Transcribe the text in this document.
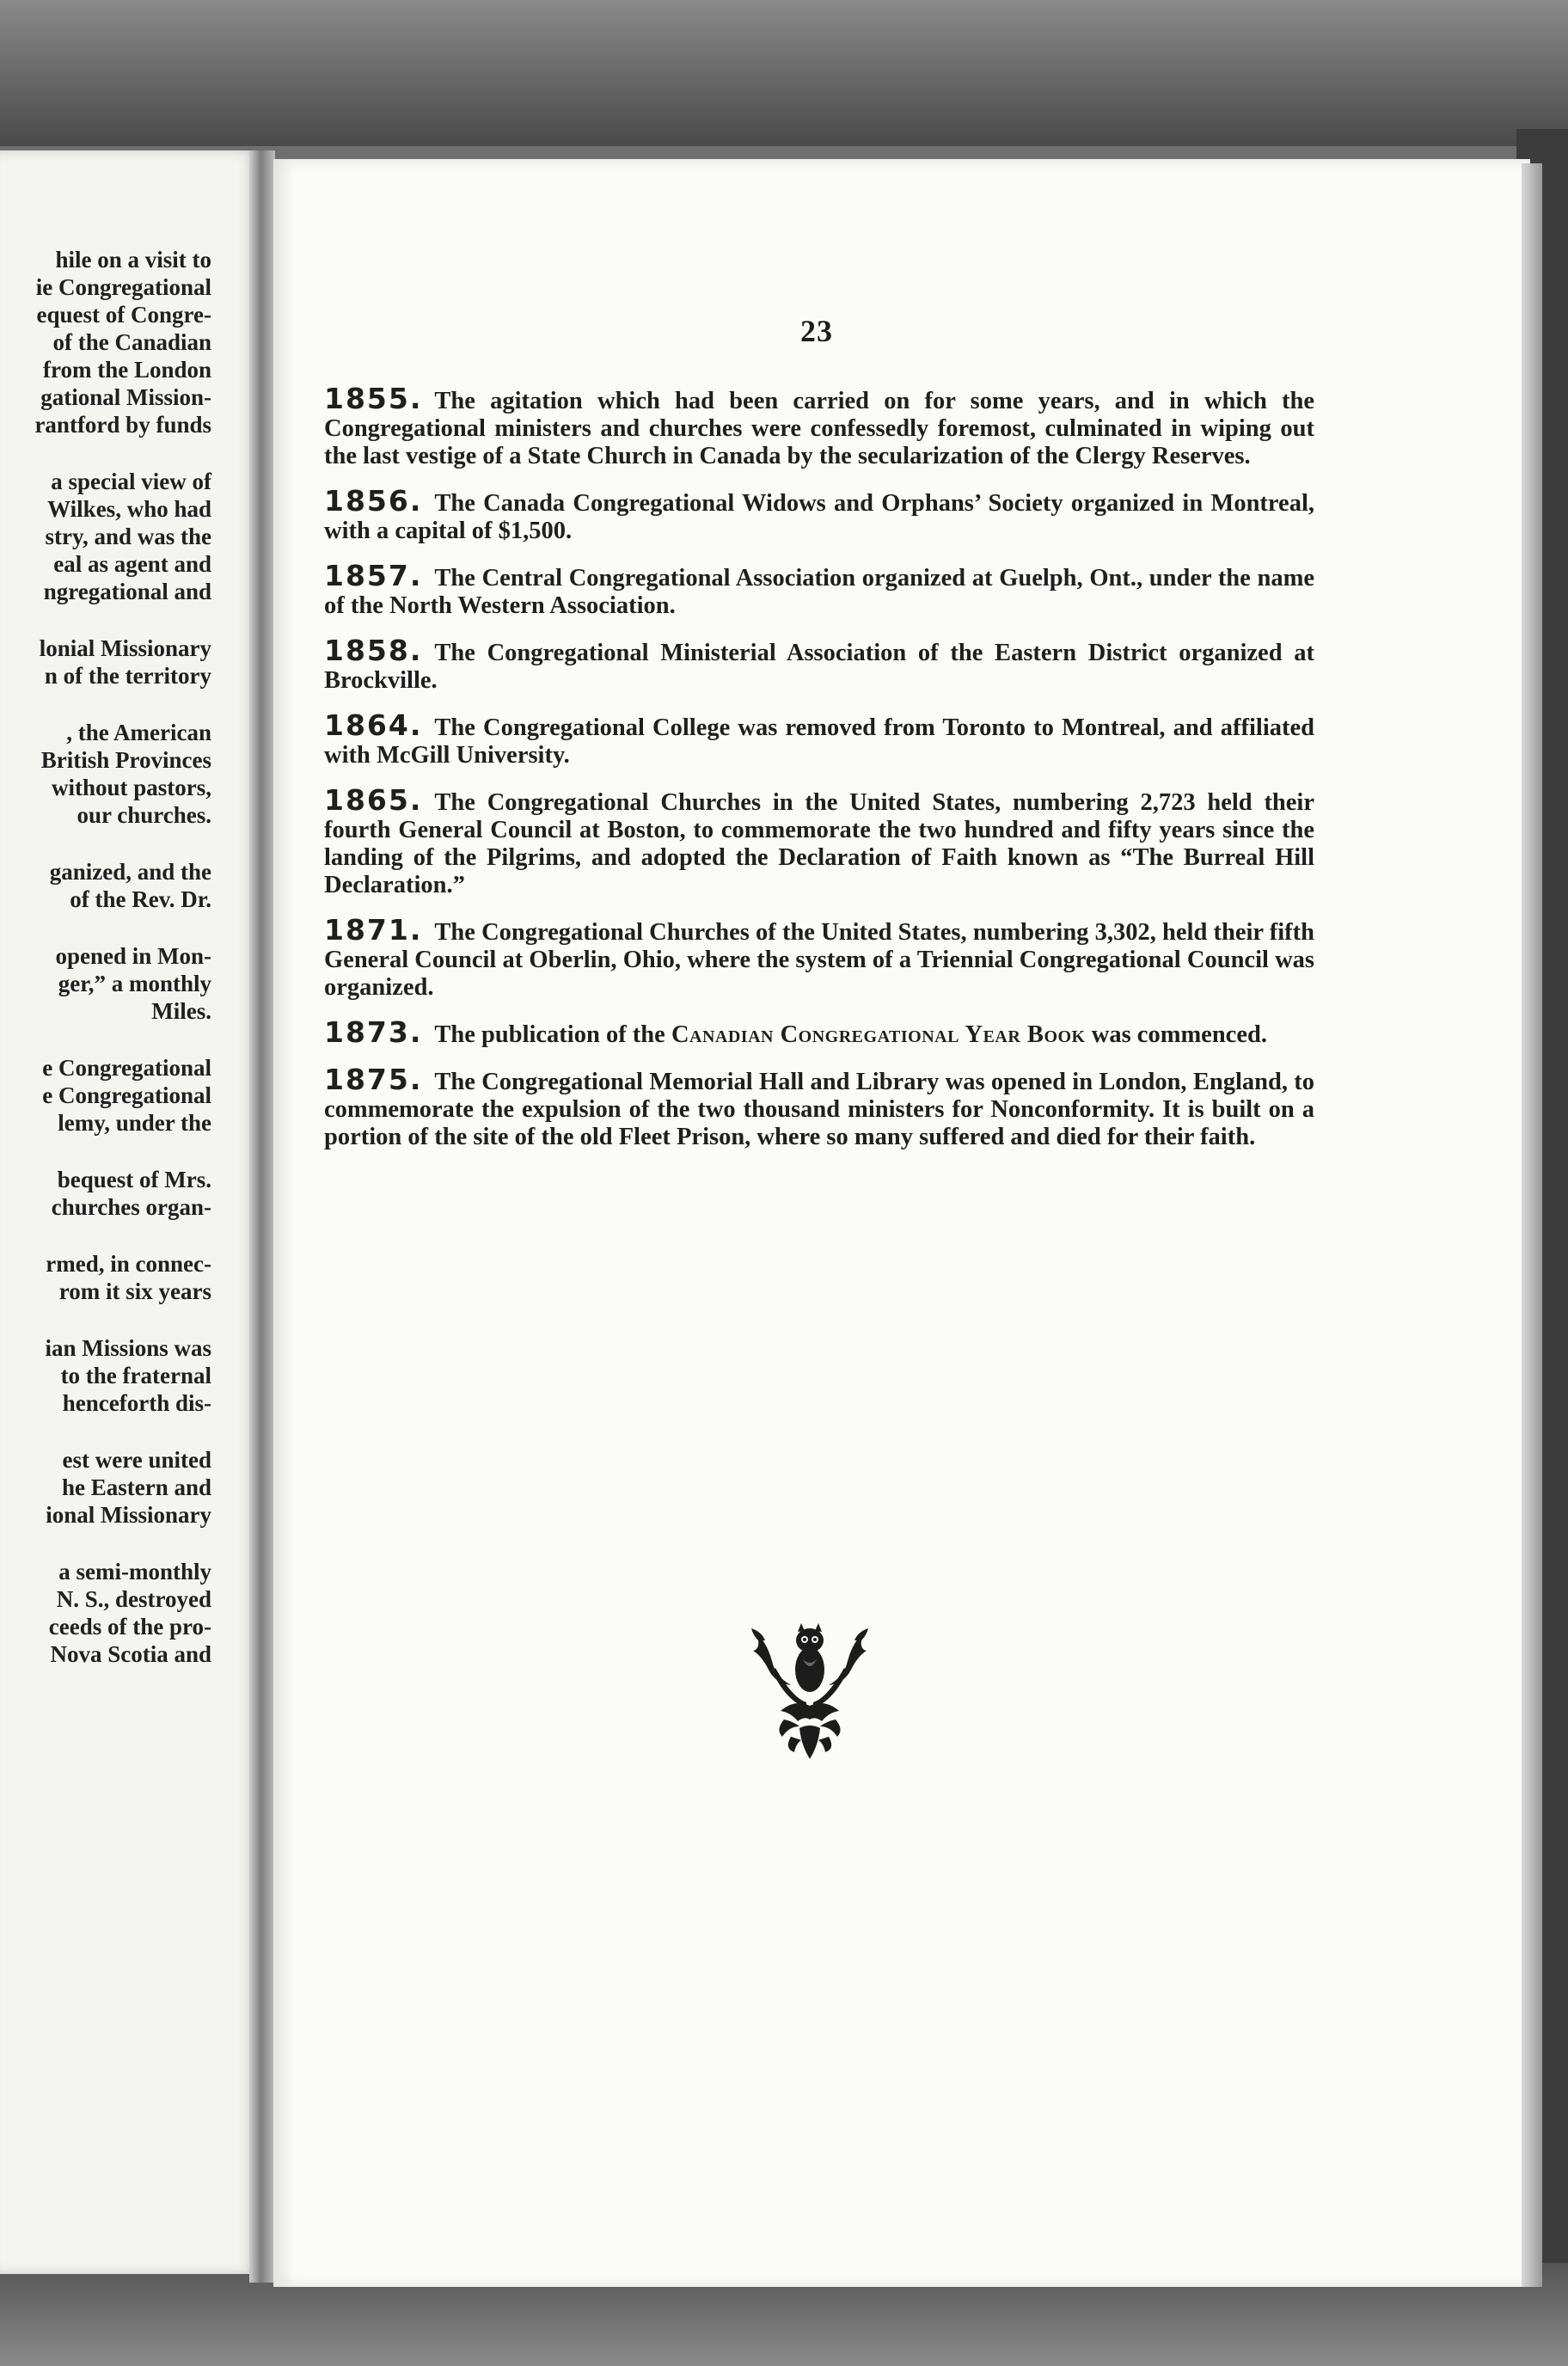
hile on a visit to
ie Congregational
equest of Congre-
of the Canadian
from the London
gational Mission-
rantford by funds
a special view of
Wilkes, who had
stry, and was the
eal as agent and
ngregational and
lonial Missionary
n of the territory
, the American
British Provinces
without pastors,
our churches.
ganized, and the
of the Rev. Dr.
opened in Mon-
ger,” a monthly
Miles.
e Congregational
e Congregational
lemy, under the
bequest of Mrs.
churches organ-
rmed, in connec-
rom it six years
ian Missions was
to the fraternal
henceforth dis-
est were united
he Eastern and
ional Missionary
a semi-monthly
N. S., destroyed
ceeds of the pro-
Nova Scotia and
23

1855. The agitation which had been carried on for some years, and in which the Congregational ministers and churches were confessedly foremost, culminated in wiping out the last vestige of a State Church in Canada by the secularization of the Clergy Reserves.

1856. The Canada Congregational Widows and Orphans’ Society organized in Montreal, with a capital of $1,500.

1857. The Central Congregational Association organized at Guelph, Ont., under the name of the North Western Association.

1858. The Congregational Ministerial Association of the Eastern District organized at Brockville.

1864. The Congregational College was removed from Toronto to Montreal, and affiliated with McGill University.

1865. The Congregational Churches in the United States, numbering 2,723 held their fourth General Council at Boston, to commemorate the two hundred and fifty years since the landing of the Pilgrims, and adopted the Declaration of Faith known as “The Burreal Hill Declaration.”

1871. The Congregational Churches of the United States, numbering 3,302, held their fifth General Council at Oberlin, Ohio, where the system of a Triennial Congregational Council was organized.

1873. The publication of the Canadian Congregational Year Book was commenced.

1875. The Congregational Memorial Hall and Library was opened in London, England, to commemorate the expulsion of the two thousand ministers for Nonconformity. It is built on a portion of the site of the old Fleet Prison, where so many suffered and died for their faith.
